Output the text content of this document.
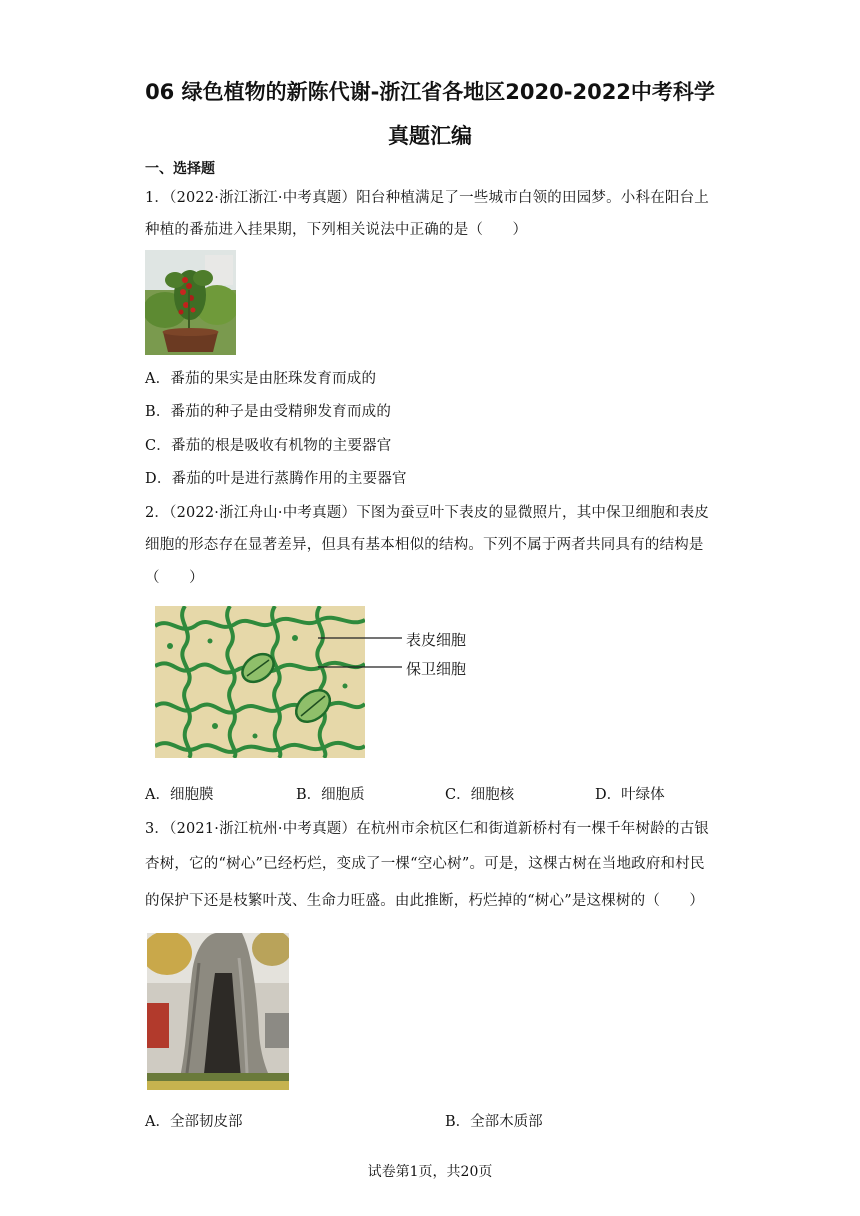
06 绿色植物的新陈代谢-浙江省各地区2020-2022中考科学
真题汇编
一、选择题
1．（2022·浙江浙江·中考真题）阳台种植满足了一些城市白领的田园梦。小科在阳台上
种植的番茄进入挂果期，下列相关说法中正确的是（　　）
A．番茄的果实是由胚珠发育而成的
B．番茄的种子是由受精卵发育而成的
C．番茄的根是吸收有机物的主要器官
D．番茄的叶是进行蒸腾作用的主要器官
2．（2022·浙江舟山·中考真题）下图为蚕豆叶下表皮的显微照片，其中保卫细胞和表皮
细胞的形态存在显著差异，但具有基本相似的结构。下列不属于两者共同具有的结构是
（　　）
表皮细胞
保卫细胞
A．细胞膜	B．细胞质	C．细胞核	D．叶绿体
3．（2021·浙江杭州·中考真题）在杭州市余杭区仁和街道新桥村有一棵千年树龄的古银
杏树，它的“树心”已经朽烂，变成了一棵“空心树”。可是，这棵古树在当地政府和村民
的保护下还是枝繁叶茂、生命力旺盛。由此推断，朽烂掉的“树心”是这棵树的（　　）
A．全部韧皮部	B．全部木质部
试卷第1页，共20页
